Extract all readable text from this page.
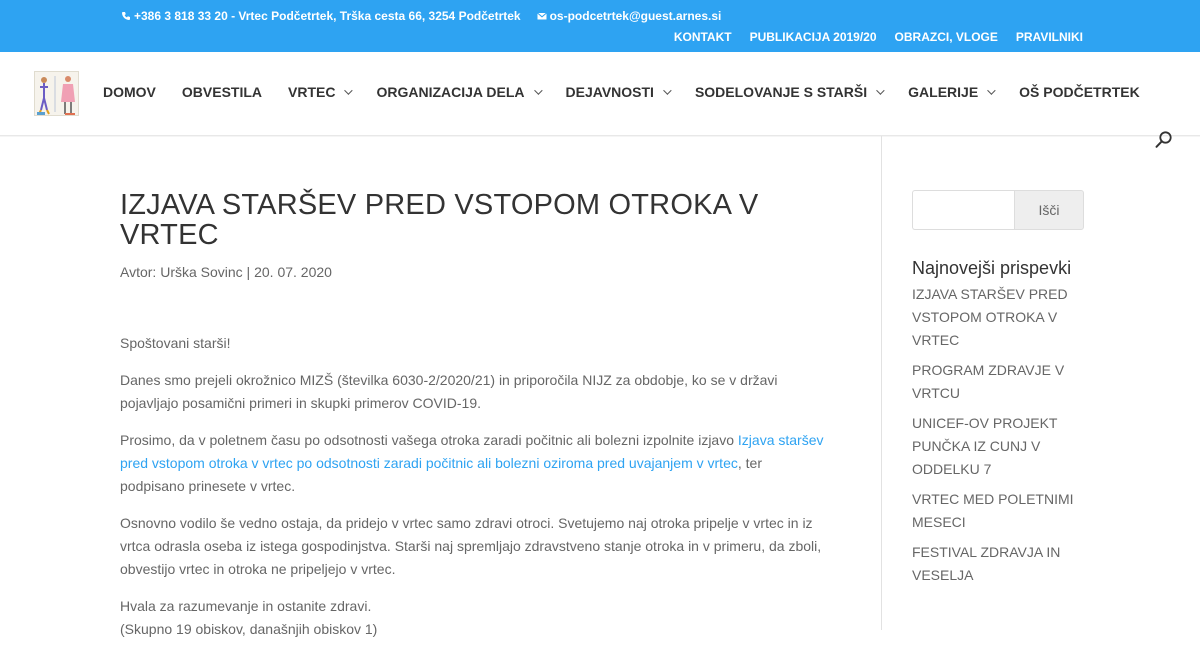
+386 3 818 33 20 - Vrtec Podčetrtek, Trška cesta 66, 3254 Podčetrtek os-podcetrtek@guest.arnes.si
KONTAKT PUBLIKACIJA 2019/20 OBRAZCI, VLOGE PRAVILNIKI
DOMOV OBVESTILA VRTEC	ORGANIZACIJA DELA	DEJAVNOSTI	SODELOVANJE S STARŠI	GALERIJE	OŠ PODČETRTEK
IZJAVA STARŠEV PRED VSTOPOM OTROKA V VRTEC
Avtor: Urška Sovinc | 20. 07. 2020

Spoštovani starši!

Danes smo prejeli okrožnico MIZŠ (številka 6030-2/2020/21) in priporočila NIJZ za obdobje, ko se v državi pojavljajo posamični primeri in skupki primerov COVID-19.

Prosimo, da v poletnem času po odsotnosti vašega otroka zaradi počitnic ali bolezni izpolnite izjavo Izjava staršev pred vstopom otroka v vrtec po odsotnosti zaradi počitnic ali bolezni oziroma pred uvajanjem v vrtec, ter podpisano prinesete v vrtec.

Osnovno vodilo še vedno ostaja, da pridejo v vrtec samo zdravi otroci. Svetujemo naj otroka pripelje v vrtec in iz vrtca odrasla oseba iz istega gospodinjstva. Starši naj spremljajo zdravstveno stanje otroka in v primeru, da zboli, obvestijo vrtec in otroka ne pripeljejo v vrtec.

Hvala za razumevanje in ostanite zdravi.
(Skupno 19 obiskov, današnjih obiskov 1)

Išči
Najnovejši prispevki
IZJAVA STARŠEV PRED VSTOPOM OTROKA V VRTEC
PROGRAM ZDRAVJE V VRTCU
UNICEF-OV PROJEKT PUNČKA IZ CUNJ V ODDELKU 7
VRTEC MED POLETNIMI MESECI
FESTIVAL ZDRAVJA IN VESELJA
